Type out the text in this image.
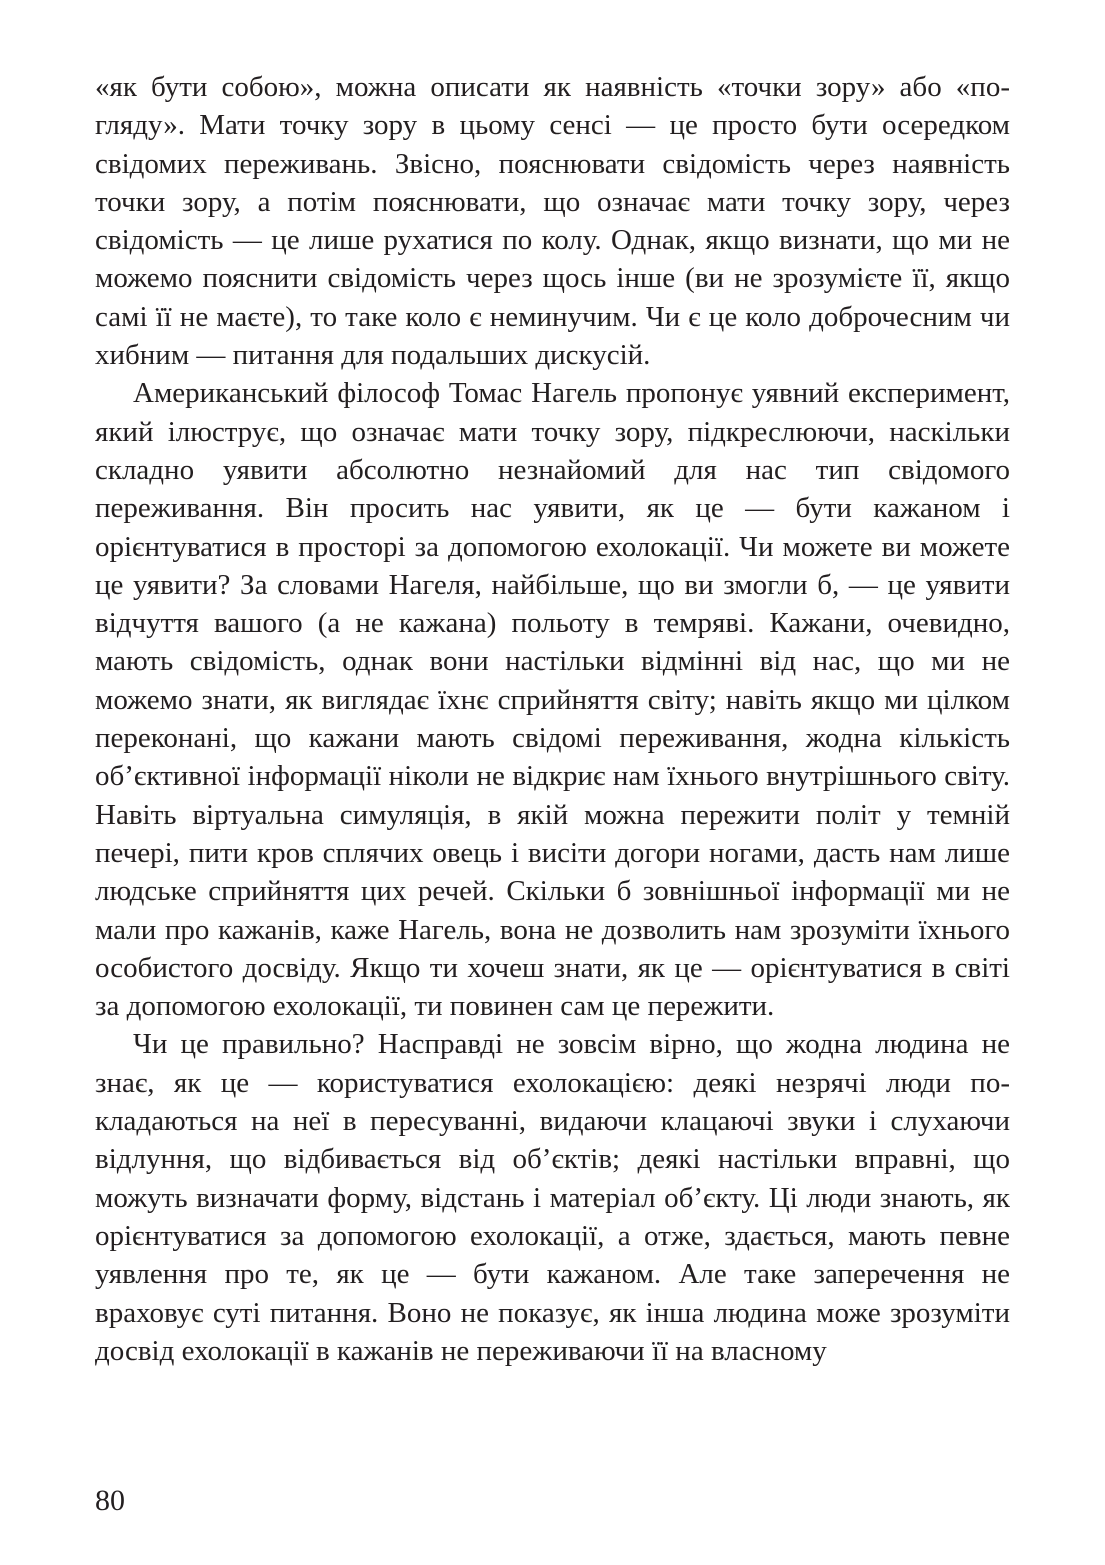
«як бути собою», можна описати як наявність «точки зору» або «погляду». Мати точку зору в цьому сенсі — це просто бути осередком свідомих переживань. Звісно, пояснювати свідомість через наявність точки зору, а потім пояснювати, що означає мати точку зору, через свідомість — це лише рухатися по колу. Однак, якщо визнати, що ми не можемо пояснити свідомість через щось інше (ви не зрозумієте її, якщо самі її не маєте), то таке коло є неминучим. Чи є це коло доброчесним чи хибним — питання для подальших дискусій.

Американський філософ Томас Нагель пропонує уявний експеримент, який ілюструє, що означає мати точку зору, підкреслюючи, наскільки складно уявити абсолютно незнайомий для нас тип свідомого переживання. Він просить нас уявити, як це — бути кажаном і орієнтуватися в просторі за допомогою ехолокації. Чи можете ви можете це уявити? За словами Нагеля, найбільше, що ви змогли б, — це уявити відчуття вашого (а не кажана) польоту в темряві. Кажани, очевидно, мають свідомість, однак вони настільки відмінні від нас, що ми не можемо знати, як виглядає їхнє сприйняття світу; навіть якщо ми цілком переконані, що кажани мають свідомі переживання, жодна кількість об’єктивної інформації ніколи не відкриє нам їхнього внутрішнього світу. Навіть віртуальна симуляція, в якій можна пережити політ у темній печері, пити кров сплячих овець і висіти догори ногами, дасть нам лише людське сприйняття цих речей. Скільки б зовнішньої інформації ми не мали про кажанів, каже Нагель, вона не дозволить нам зрозуміти їхнього особистого досвіду. Якщо ти хочеш знати, як це — орієнтуватися в світі за допомогою ехолокації, ти повинен сам це пережити.

Чи це правильно? Насправді не зовсім вірно, що жодна людина не знає, як це — користуватися ехолокацією: деякі незрячі люди покладаються на неї в пересуванні, видаючи клацаючі звуки і слухаючи відлуння, що відбивається від об’єктів; деякі настільки вправні, що можуть визначати форму, відстань і матеріал об’єкту. Ці люди знають, як орієнтуватися за допомогою ехолокації, а отже, здається, мають певне уявлення про те, як це — бути кажаном. Але таке заперечення не враховує суті питання. Воно не показує, як інша людина може зрозуміти досвід ехолокації в кажанів не переживаючи її на власному

80
